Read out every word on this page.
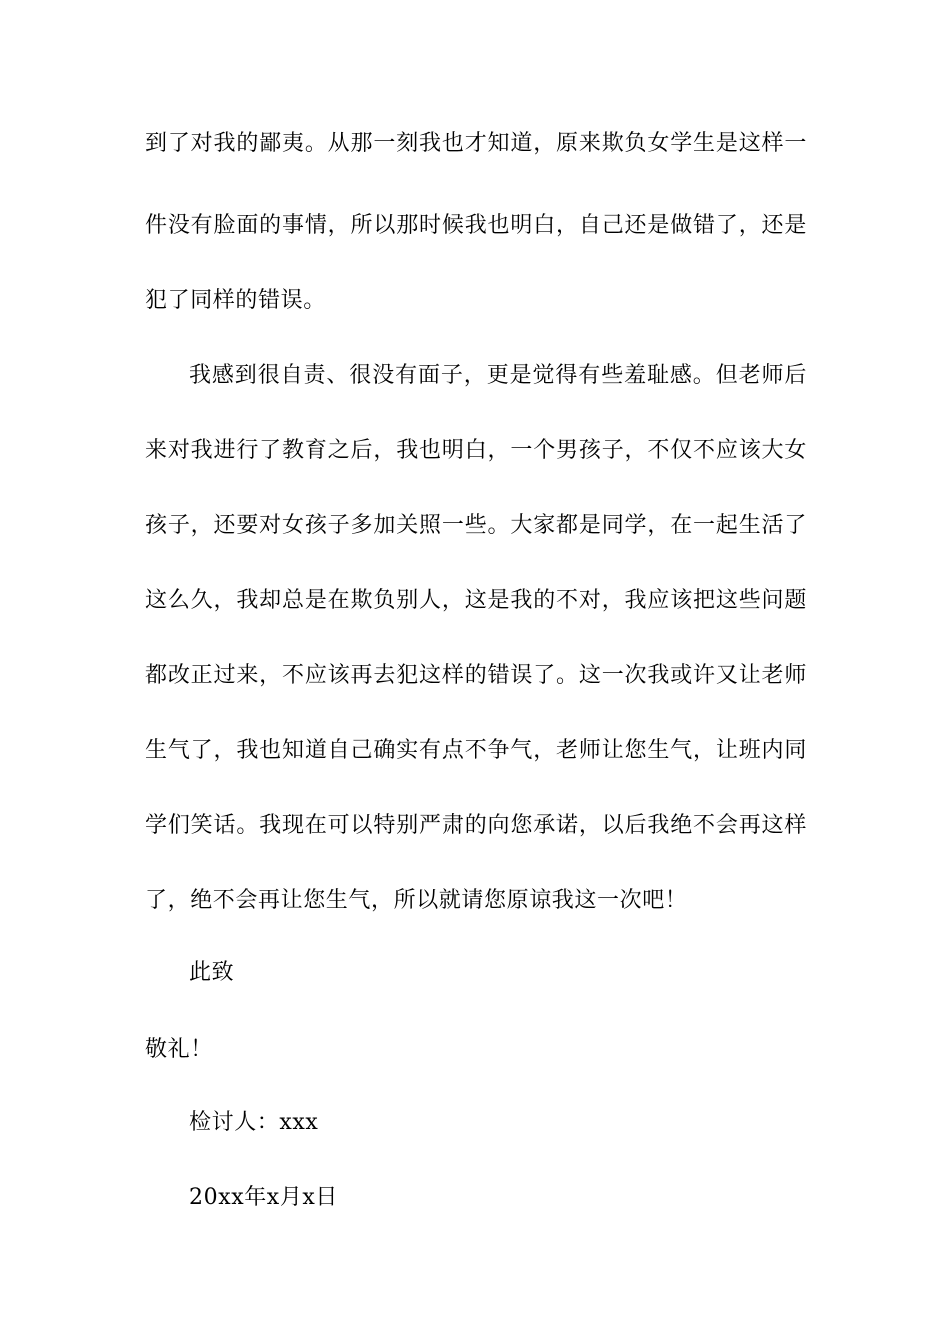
到了对我的鄙夷。从那一刻我也才知道，原来欺负女学生是这样一
件没有脸面的事情，所以那时候我也明白，自己还是做错了，还是
犯了同样的错误。
我感到很自责、很没有面子，更是觉得有些羞耻感。但老师后
来对我进行了教育之后，我也明白，一个男孩子，不仅不应该大女
孩子，还要对女孩子多加关照一些。大家都是同学，在一起生活了
这么久，我却总是在欺负别人，这是我的不对，我应该把这些问题
都改正过来，不应该再去犯这样的错误了。这一次我或许又让老师
生气了，我也知道自己确实有点不争气，老师让您生气，让班内同
学们笑话。我现在可以特别严肃的向您承诺，以后我绝不会再这样
了，绝不会再让您生气，所以就请您原谅我这一次吧！
此致
敬礼！
检讨人：xxx
20xx年x月x日
